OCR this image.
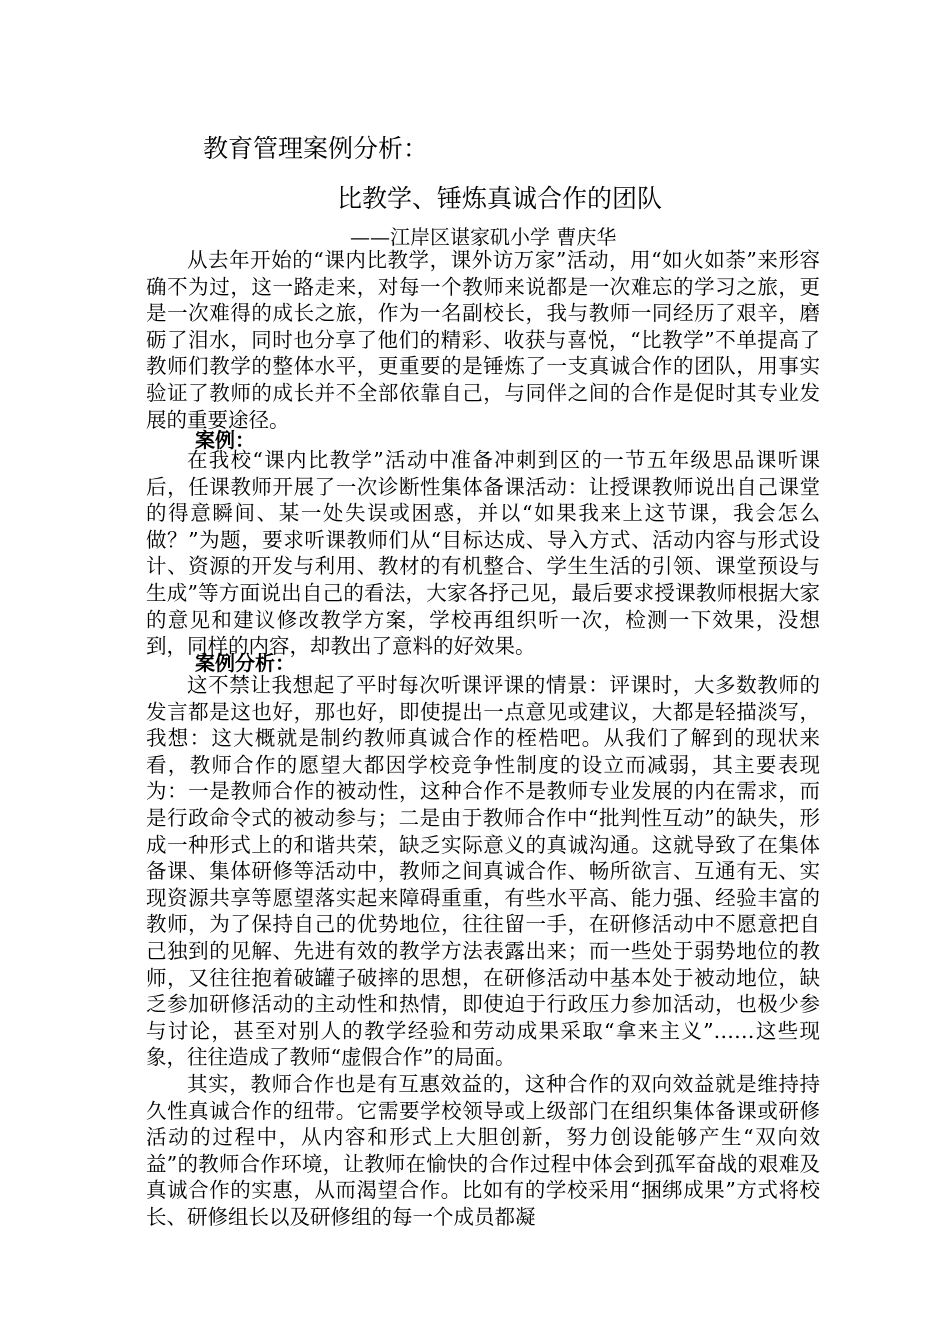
教育管理案例分析：
比教学、锤炼真诚合作的团队
——江岸区谌家矶小学 曹庆华

从去年开始的“课内比教学，课外访万家”活动，用“如火如荼”来形容确不为过，这一路走来，对每一个教师来说都是一次难忘的学习之旅，更是一次难得的成长之旅，作为一名副校长，我与教师一同经历了艰辛，磨砺了泪水，同时也分享了他们的精彩、收获与喜悦，“比教学”不单提高了教师们教学的整体水平，更重要的是锤炼了一支真诚合作的团队，用事实验证了教师的成长并不全部依靠自己，与同伴之间的合作是促时其专业发展的重要途径。

案例：

在我校“课内比教学”活动中准备冲刺到区的一节五年级思品课听课后，任课教师开展了一次诊断性集体备课活动：让授课教师说出自己课堂的得意瞬间、某一处失误或困惑，并以“如果我来上这节课，我会怎么做？”为题，要求听课教师们从“目标达成、导入方式、活动内容与形式设计、资源的开发与利用、教材的有机整合、学生生活的引领、课堂预设与生成”等方面说出自己的看法，大家各抒己见，最后要求授课教师根据大家的意见和建议修改教学方案，学校再组织听一次，检测一下效果，没想到，同样的内容，却教出了意料的好效果。

案例分析：

这不禁让我想起了平时每次听课评课的情景：评课时，大多数教师的发言都是这也好，那也好，即使提出一点意见或建议，大都是轻描淡写，我想：这大概就是制约教师真诚合作的桎梏吧。从我们了解到的现状来看，教师合作的愿望大都因学校竞争性制度的设立而减弱，其主要表现为：一是教师合作的被动性，这种合作不是教师专业发展的内在需求，而是行政命令式的被动参与；二是由于教师合作中“批判性互动”的缺失，形成一种形式上的和谐共荣，缺乏实际意义的真诚沟通。这就导致了在集体备课、集体研修等活动中，教师之间真诚合作、畅所欲言、互通有无、实现资源共享等愿望落实起来障碍重重，有些水平高、能力强、经验丰富的教师，为了保持自己的优势地位，往往留一手，在研修活动中不愿意把自己独到的见解、先进有效的教学方法表露出来；而一些处于弱势地位的教师，又往往抱着破罐子破摔的思想，在研修活动中基本处于被动地位，缺乏参加研修活动的主动性和热情，即使迫于行政压力参加活动，也极少参与讨论，甚至对别人的教学经验和劳动成果采取“拿来主义”……这些现象，往往造成了教师“虚假合作”的局面。

其实，教师合作也是有互惠效益的，这种合作的双向效益就是维持持久性真诚合作的纽带。它需要学校领导或上级部门在组织集体备课或研修活动的过程中，从内容和形式上大胆创新，努力创设能够产生“双向效益”的教师合作环境，让教师在愉快的合作过程中体会到孤军奋战的艰难及真诚合作的实惠，从而渴望合作。比如有的学校采用“捆绑成果”方式将校长、研修组长以及研修组的每一个成员都凝
